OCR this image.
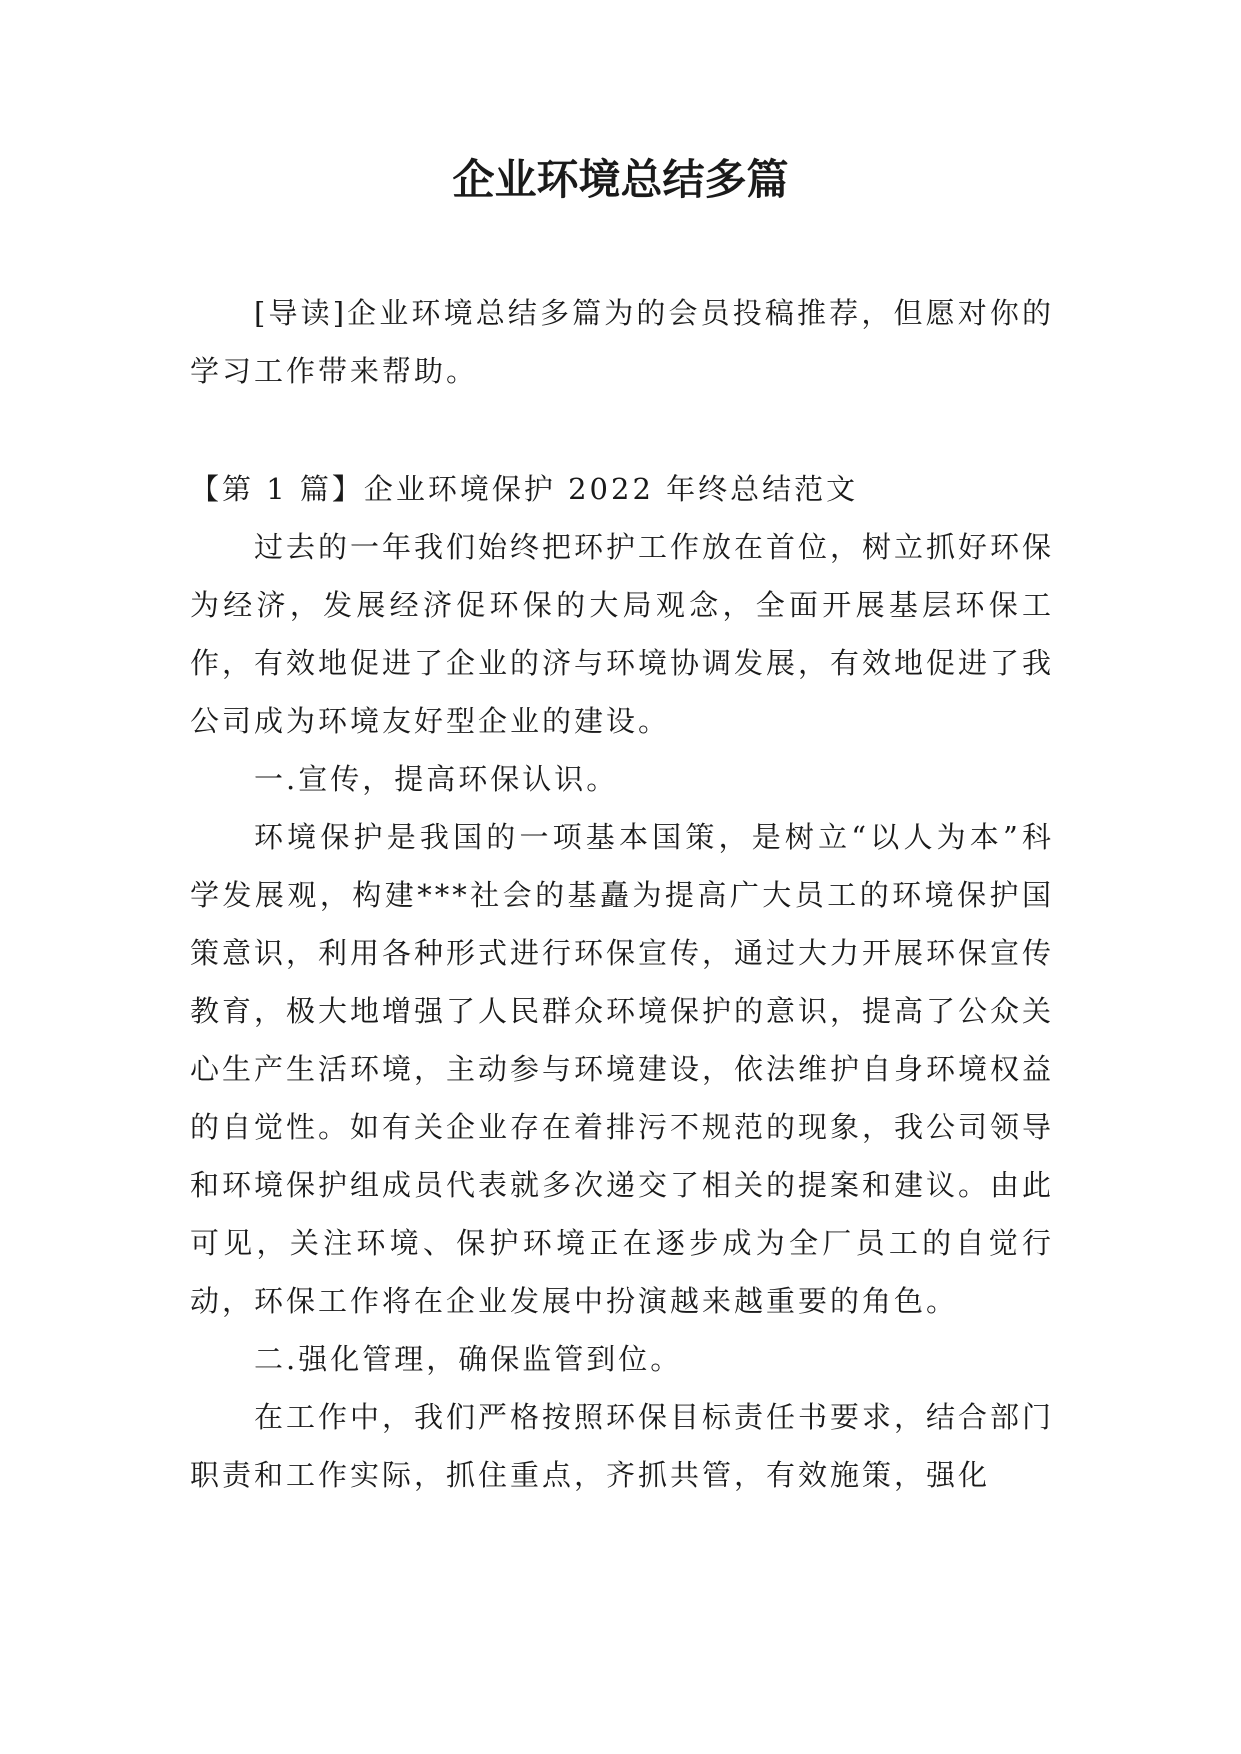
企业环境总结多篇

[导读]企业环境总结多篇为的会员投稿推荐，但愿对你的学习工作带来帮助。

【第 1 篇】企业环境保护 2022 年终总结范文

过去的一年我们始终把环护工作放在首位，树立抓好环保为经济，发展经济促环保的大局观念，全面开展基层环保工作，有效地促进了企业的济与环境协调发展，有效地促进了我公司成为环境友好型企业的建设。

一.宣传，提高环保认识。

环境保护是我国的一项基本国策，是树立“以人为本”科学发展观，构建***社会的基矗为提高广大员工的环境保护国策意识，利用各种形式进行环保宣传，通过大力开展环保宣传教育，极大地增强了人民群众环境保护的意识，提高了公众关心生产生活环境，主动参与环境建设，依法维护自身环境权益的自觉性。如有关企业存在着排污不规范的现象，我公司领导和环境保护组成员代表就多次递交了相关的提案和建议。由此可见，关注环境、保护环境正在逐步成为全厂员工的自觉行动，环保工作将在企业发展中扮演越来越重要的角色。

二.强化管理，确保监管到位。

在工作中，我们严格按照环保目标责任书要求，结合部门职责和工作实际，抓住重点，齐抓共管，有效施策，强化
